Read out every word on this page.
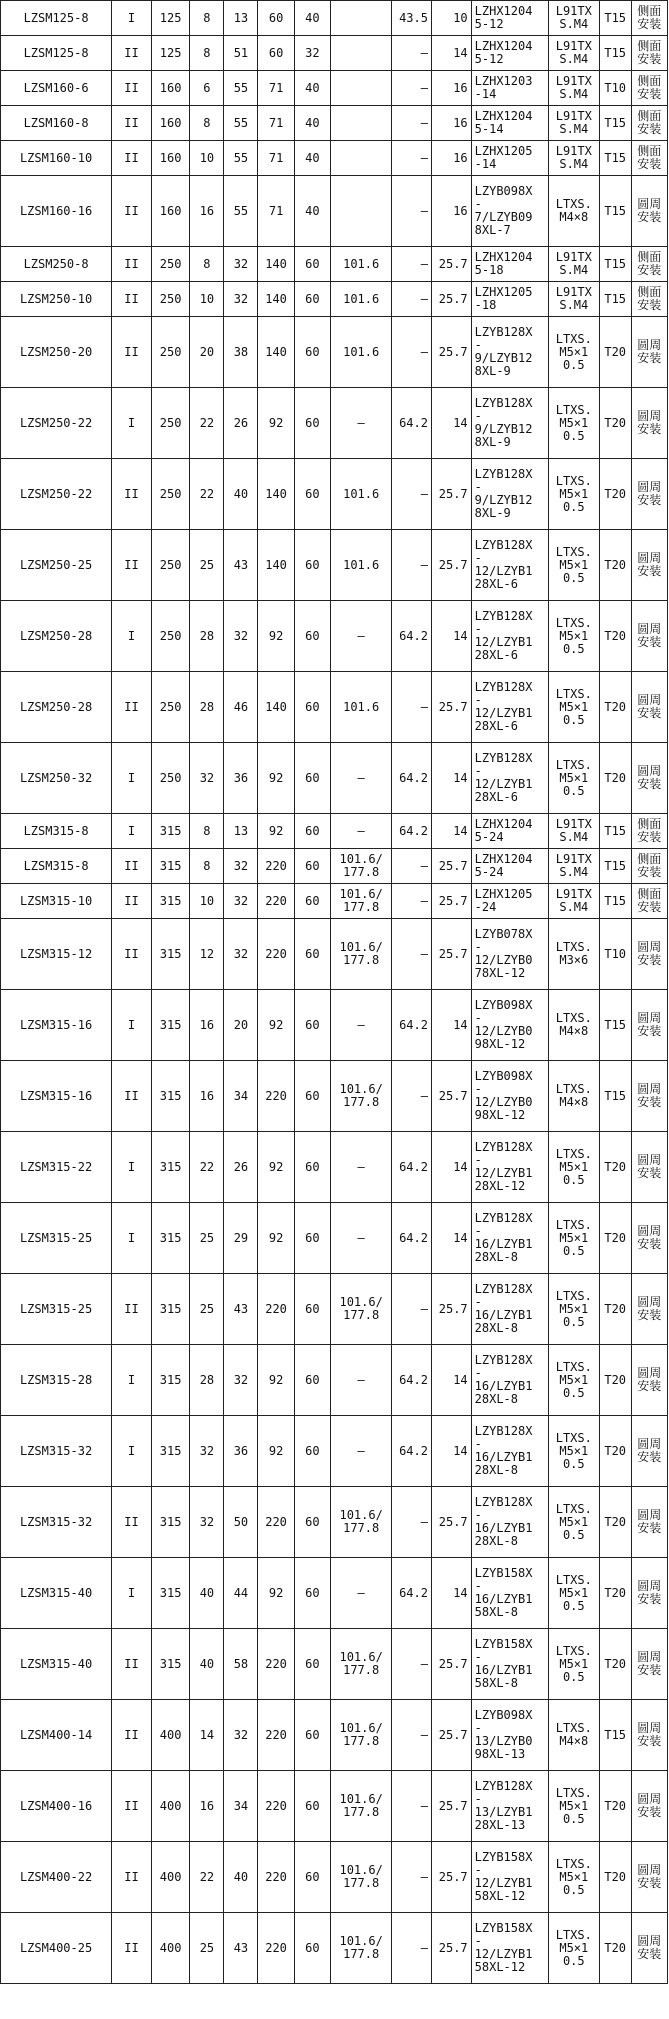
LZSM125-8	I	125	8	13	60	40		43.5	10	LZHX1204
5-12	L91TX
S.M4	T15	侧面
安装
LZSM125-8	II	125	8	51	60	32		—	14	LZHX1204
5-12	L91TX
S.M4	T15	侧面
安装
LZSM160-6	II	160	6	55	71	40		—	16	LZHX1203
-14	L91TX
S.M4	T10	侧面
安装
LZSM160-8	II	160	8	55	71	40		—	16	LZHX1204
5-14	L91TX
S.M4	T15	侧面
安装
LZSM160-10	II	160	10	55	71	40		—	16	LZHX1205
-14	L91TX
S.M4	T15	侧面
安装
LZSM160-16	II	160	16	55	71	40		—	16	LZYB098X
-
7/LZYB09
8XL-7	LTXS.
M4×8	T15	圆周
安装
LZSM250-8	II	250	8	32	140	60	101.6	—	25.7	LZHX1204
5-18	L91TX
S.M4	T15	侧面
安装
LZSM250-10	II	250	10	32	140	60	101.6	—	25.7	LZHX1205
-18	L91TX
S.M4	T15	侧面
安装
LZSM250-20	II	250	20	38	140	60	101.6	—	25.7	LZYB128X
-
9/LZYB12
8XL-9	LTXS.
M5×1
0.5	T20	圆周
安装
LZSM250-22	I	250	22	26	92	60	—	64.2	14	LZYB128X
-
9/LZYB12
8XL-9	LTXS.
M5×1
0.5	T20	圆周
安装
LZSM250-22	II	250	22	40	140	60	101.6	—	25.7	LZYB128X
-
9/LZYB12
8XL-9	LTXS.
M5×1
0.5	T20	圆周
安装
LZSM250-25	II	250	25	43	140	60	101.6	—	25.7	LZYB128X
-
12/LZYB1
28XL-6	LTXS.
M5×1
0.5	T20	圆周
安装
LZSM250-28	I	250	28	32	92	60	—	64.2	14	LZYB128X
-
12/LZYB1
28XL-6	LTXS.
M5×1
0.5	T20	圆周
安装
LZSM250-28	II	250	28	46	140	60	101.6	—	25.7	LZYB128X
-
12/LZYB1
28XL-6	LTXS.
M5×1
0.5	T20	圆周
安装
LZSM250-32	I	250	32	36	92	60	—	64.2	14	LZYB128X
-
12/LZYB1
28XL-6	LTXS.
M5×1
0.5	T20	圆周
安装
LZSM315-8	I	315	8	13	92	60	—	64.2	14	LZHX1204
5-24	L91TX
S.M4	T15	侧面
安装
LZSM315-8	II	315	8	32	220	60	101.6/
177.8	—	25.7	LZHX1204
5-24	L91TX
S.M4	T15	侧面
安装
LZSM315-10	II	315	10	32	220	60	101.6/
177.8	—	25.7	LZHX1205
-24	L91TX
S.M4	T15	侧面
安装
LZSM315-12	II	315	12	32	220	60	101.6/
177.8	—	25.7	LZYB078X
-
12/LZYB0
78XL-12	LTXS.
M3×6	T10	圆周
安装
LZSM315-16	I	315	16	20	92	60	—	64.2	14	LZYB098X
-
12/LZYB0
98XL-12	LTXS.
M4×8	T15	圆周
安装
LZSM315-16	II	315	16	34	220	60	101.6/
177.8	—	25.7	LZYB098X
-
12/LZYB0
98XL-12	LTXS.
M4×8	T15	圆周
安装
LZSM315-22	I	315	22	26	92	60	—	64.2	14	LZYB128X
-
12/LZYB1
28XL-12	LTXS.
M5×1
0.5	T20	圆周
安装
LZSM315-25	I	315	25	29	92	60	—	64.2	14	LZYB128X
-
16/LZYB1
28XL-8	LTXS.
M5×1
0.5	T20	圆周
安装
LZSM315-25	II	315	25	43	220	60	101.6/
177.8	—	25.7	LZYB128X
-
16/LZYB1
28XL-8	LTXS.
M5×1
0.5	T20	圆周
安装
LZSM315-28	I	315	28	32	92	60	—	64.2	14	LZYB128X
-
16/LZYB1
28XL-8	LTXS.
M5×1
0.5	T20	圆周
安装
LZSM315-32	I	315	32	36	92	60	—	64.2	14	LZYB128X
-
16/LZYB1
28XL-8	LTXS.
M5×1
0.5	T20	圆周
安装
LZSM315-32	II	315	32	50	220	60	101.6/
177.8	—	25.7	LZYB128X
-
16/LZYB1
28XL-8	LTXS.
M5×1
0.5	T20	圆周
安装
LZSM315-40	I	315	40	44	92	60	—	64.2	14	LZYB158X
-
16/LZYB1
58XL-8	LTXS.
M5×1
0.5	T20	圆周
安装
LZSM315-40	II	315	40	58	220	60	101.6/
177.8	—	25.7	LZYB158X
-
16/LZYB1
58XL-8	LTXS.
M5×1
0.5	T20	圆周
安装
LZSM400-14	II	400	14	32	220	60	101.6/
177.8	—	25.7	LZYB098X
-
13/LZYB0
98XL-13	LTXS.
M4×8	T15	圆周
安装
LZSM400-16	II	400	16	34	220	60	101.6/
177.8	—	25.7	LZYB128X
-
13/LZYB1
28XL-13	LTXS.
M5×1
0.5	T20	圆周
安装
LZSM400-22	II	400	22	40	220	60	101.6/
177.8	—	25.7	LZYB158X
-
12/LZYB1
58XL-12	LTXS.
M5×1
0.5	T20	圆周
安装
LZSM400-25	II	400	25	43	220	60	101.6/
177.8	—	25.7	LZYB158X
-
12/LZYB1
58XL-12	LTXS.
M5×1
0.5	T20	圆周
安装
